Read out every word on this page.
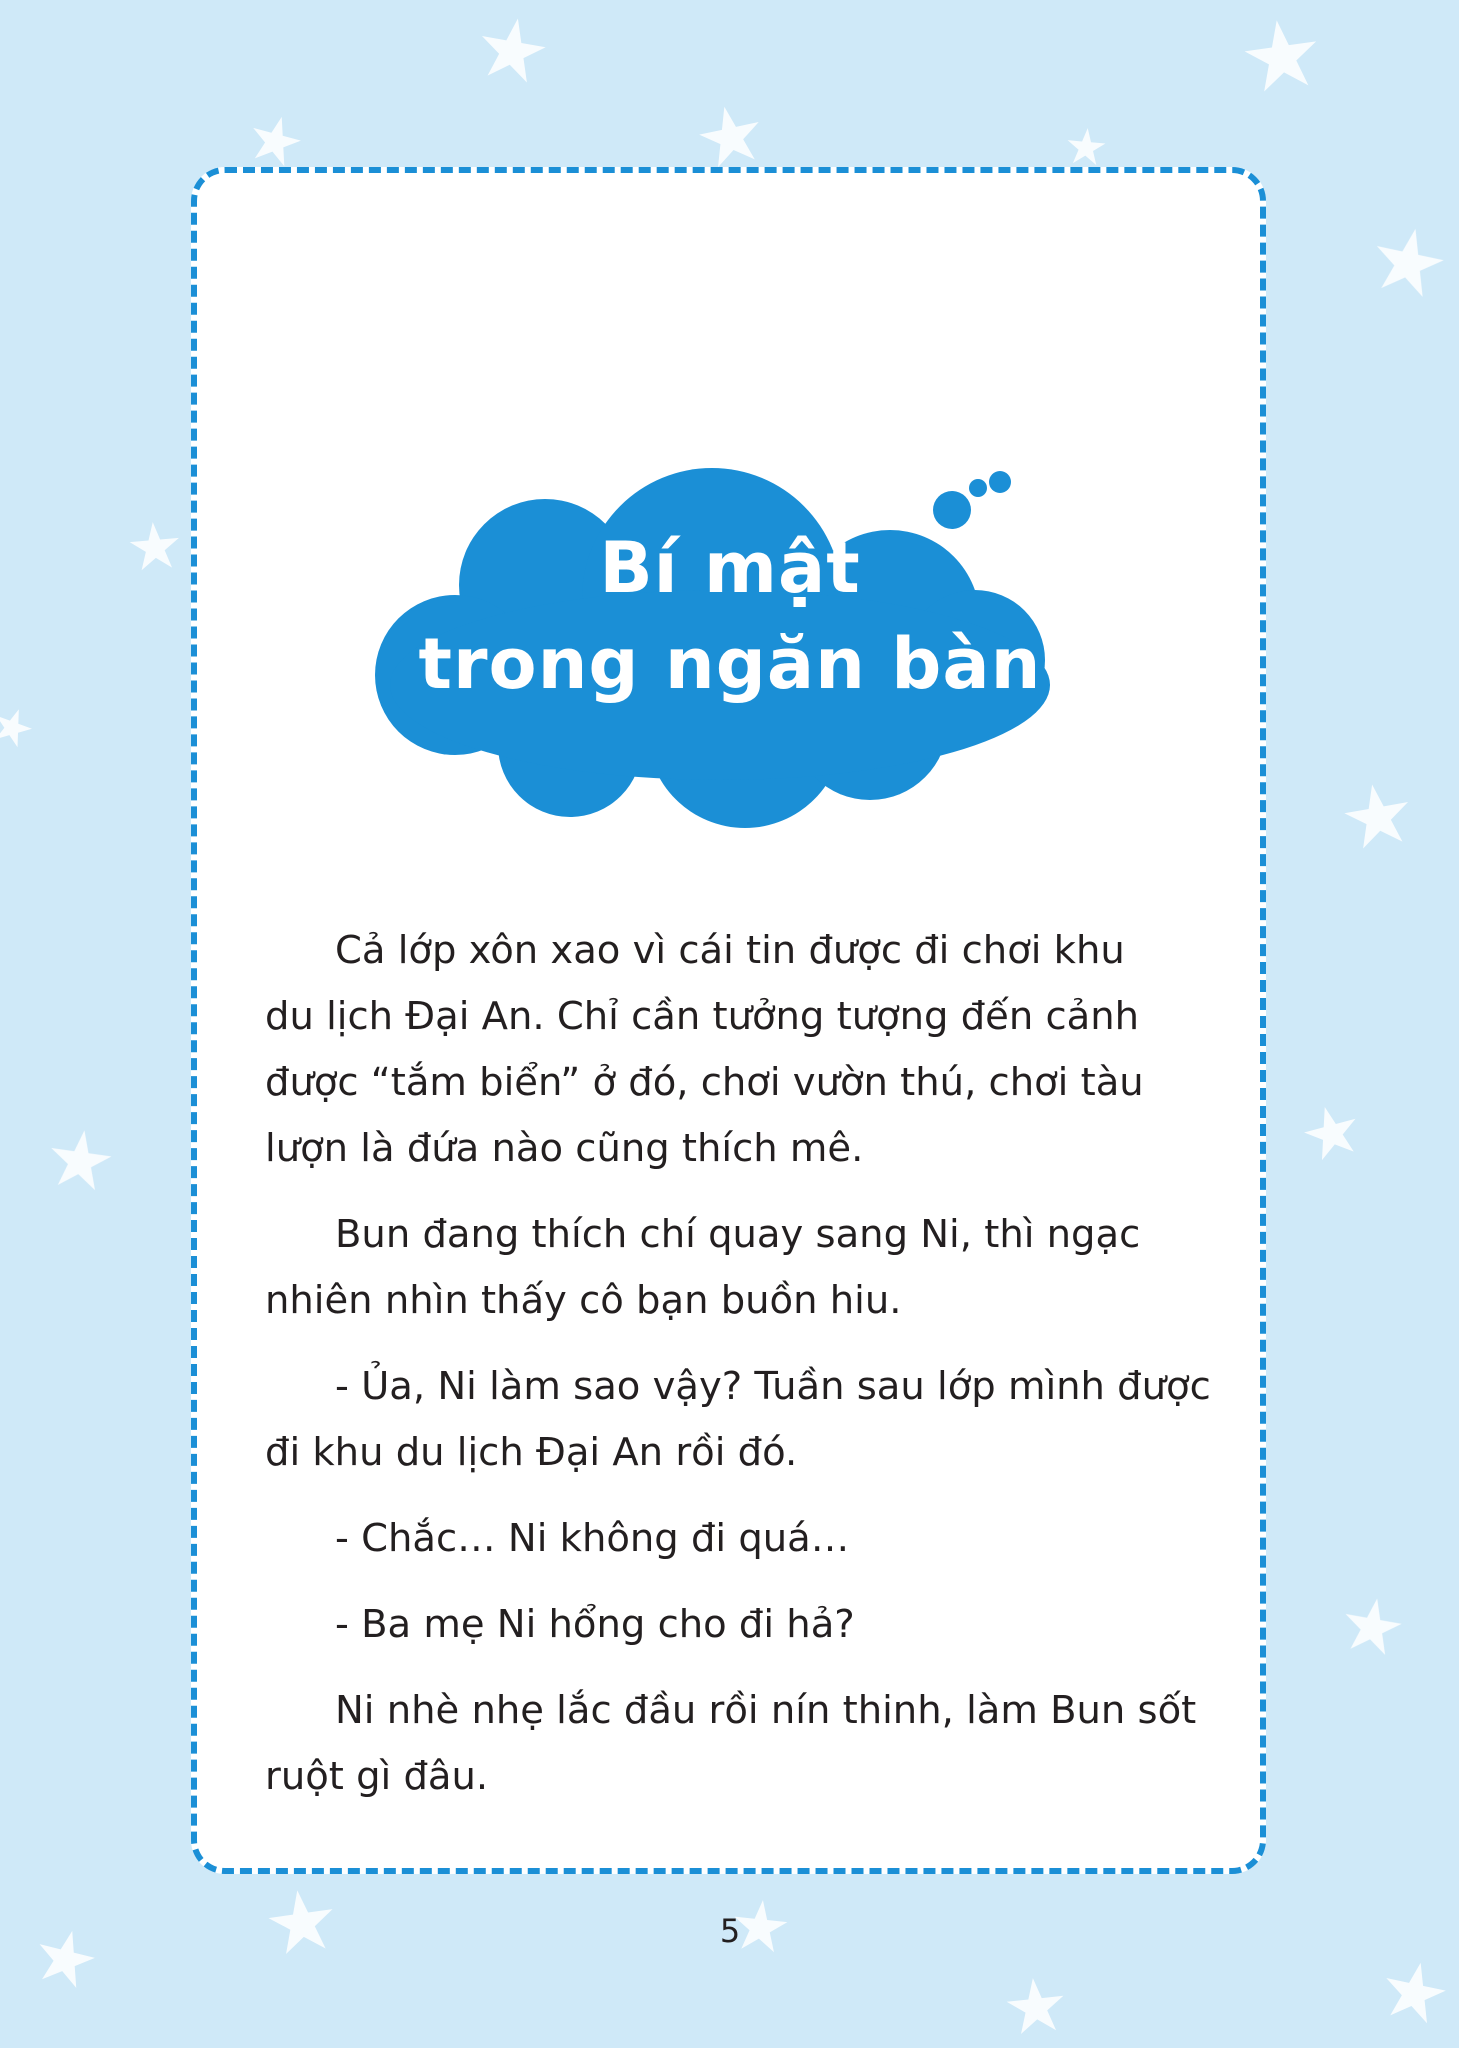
Bí mật
trong ngăn bàn

Cả lớp xôn xao vì cái tin được đi chơi khu
du lịch Đại An. Chỉ cần tưởng tượng đến cảnh
được “tắm biển” ở đó, chơi vườn thú, chơi tàu
lượn là đứa nào cũng thích mê.

Bun đang thích chí quay sang Ni, thì ngạc
nhiên nhìn thấy cô bạn buồn hiu.

- Ủa, Ni làm sao vậy? Tuần sau lớp mình được
đi khu du lịch Đại An rồi đó.

- Chắc… Ni không đi quá…

- Ba mẹ Ni hổng cho đi hả?

Ni nhè nhẹ lắc đầu rồi nín thinh, làm Bun sốt
ruột gì đâu.

5
